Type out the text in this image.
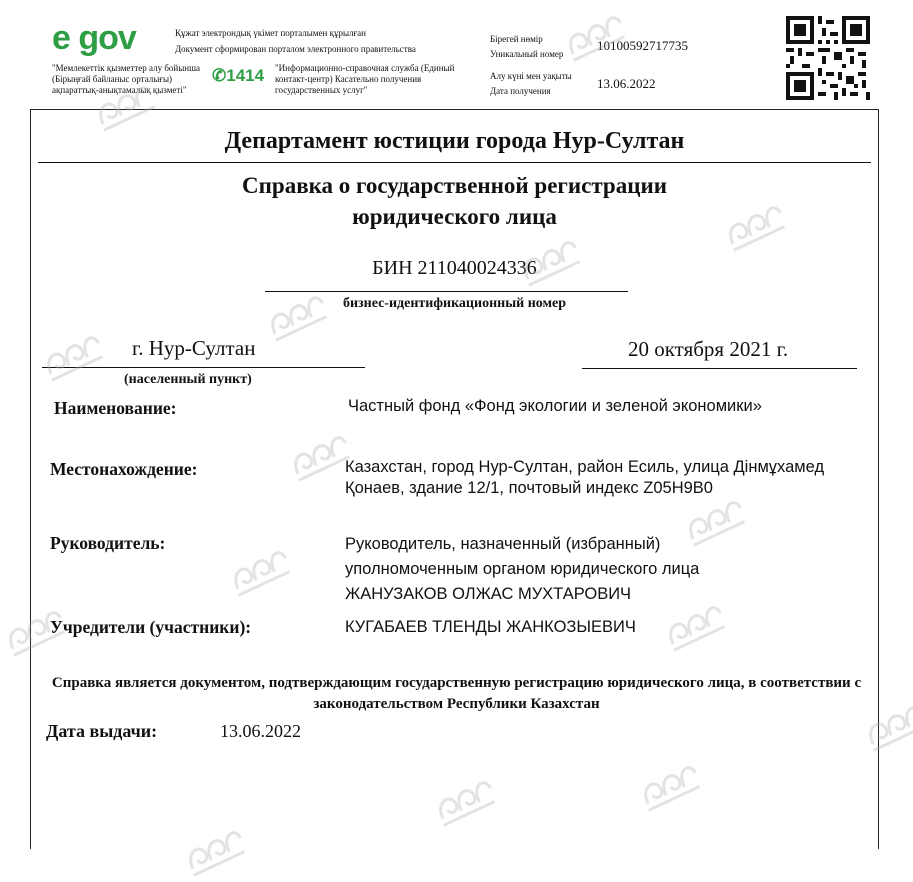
e gov	Құжат электрондық үкімет порталымен құрылған
Документ сформирован порталом электронного правительства
"Мемлекеттік қызметтер алу бойынша (Бірыңғай байланыс орталығы) ақпараттық-анықтамалық қызметі"
✆1414 "Информационно-справочная служба (Единый контакт-центр) Касательно получения государственных услуг"
Бірегей нөмір
Уникальный номер
10100592717735
Алу күні мен уақыты
Дата получения	13.06.2022
Департамент юстиции города Нур-Султан
Справка о государственной регистрации
юридического лица
БИН 211040024336
бизнес-идентификационный номер
г. Нур-Султан
(населенный пункт)
20 октября 2021 г.
Наименование:	Частный фонд «Фонд экологии и зеленой экономики»
Местонахождение:	Казахстан, город Нур-Султан, район Есиль, улица Дінмұхамед Қонаев, здание 12/1, почтовый индекс Z05H9B0
Руководитель:	Руководитель, назначенный (избранный)
уполномоченным органом юридического лица
ЖАНУЗАКОВ ОЛЖАС МУХТАРОВИЧ
Учредители (участники):	КУГАБАЕВ ТЛЕНДЫ ЖАНКОЗЫЕВИЧ
Справка является документом, подтверждающим государственную регистрацию юридического лица, в соответствии с законодательством Республики Казахстан
Дата выдачи:	13.06.2022
